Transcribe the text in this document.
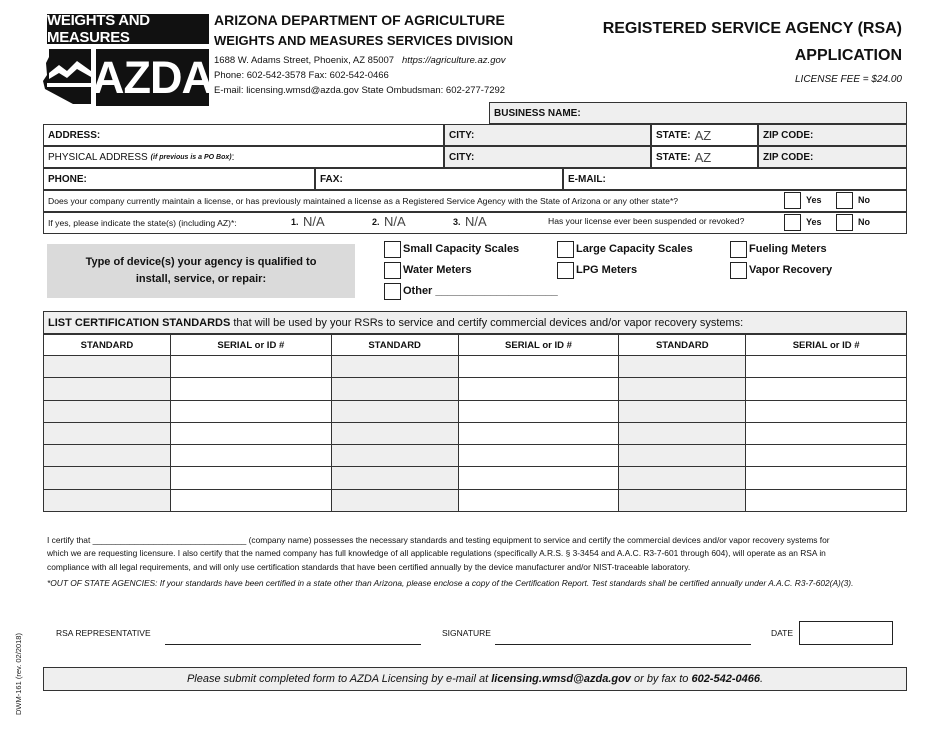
WEIGHTS AND MEASURES
AZDA
ARIZONA DEPARTMENT OF AGRICULTURE
WEIGHTS AND MEASURES SERVICES DIVISION
1688 W. Adams Street, Phoenix, AZ 85007 https://agriculture.az.gov
Phone: 602-542-3578 Fax: 602-542-0466
E-mail: licensing.wmsd@azda.gov State Ombudsman: 602-277-7292
REGISTERED SERVICE AGENCY (RSA)
APPLICATION
LICENSE FEE = $24.00
BUSINESS NAME:
ADDRESS:	CITY:	STATE: AZ	ZIP CODE:
PHYSICAL ADDRESS (if previous is a PO Box) :	CITY:	STATE: AZ	ZIP CODE:
PHONE:	FAX:	E-MAIL:
Does your company currently maintain a license, or has previously maintained a license as a Registered Service Agency with the State of Arizona or any other state*?	Yes	No
If yes, please indicate the state(s) (including AZ)*:	1. N/A	2. N/A	3. N/A	Has your license ever been suspended or revoked?	Yes	No
Type of device(s) your agency is qualified to install, service, or repair:
Small Capacity Scales	Large Capacity Scales	Fueling Meters
Water Meters	LPG Meters	Vapor Recovery
Other ____________________
LIST CERTIFICATION STANDARDS that will be used by your RSRs to service and certify commercial devices and/or vapor recovery systems:
STANDARD	SERIAL or ID #	STANDARD	SERIAL or ID #	STANDARD	SERIAL or ID #

I certify that _________________________________ (company name) possesses the necessary standards and testing equipment to service and certify the commercial devices and/or vapor recovery systems for
which we are requesting licensure. I also certify that the named company has full knowledge of all applicable regulations (specifically A.R.S. § 3-3454 and A.A.C. R3-7-601 through 604), will operate as an RSA in
compliance with all legal requirements, and will only use certification standards that have been certified annually by the device manufacturer and/or NIST-traceable laboratory.
*OUT OF STATE AGENCIES: If your standards have been certified in a state other than Arizona, please enclose a copy of the Certification Report. Test standards shall be certified annually under A.A.C. R3-7-602(A)(3).
RSA REPRESENTATIVE	SIGNATURE	DATE
Please submit completed form to AZDA Licensing by e-mail at licensing.wmsd@azda.gov or by fax to 602-542-0466 .
DWM-161 (rev. 02/2018)
